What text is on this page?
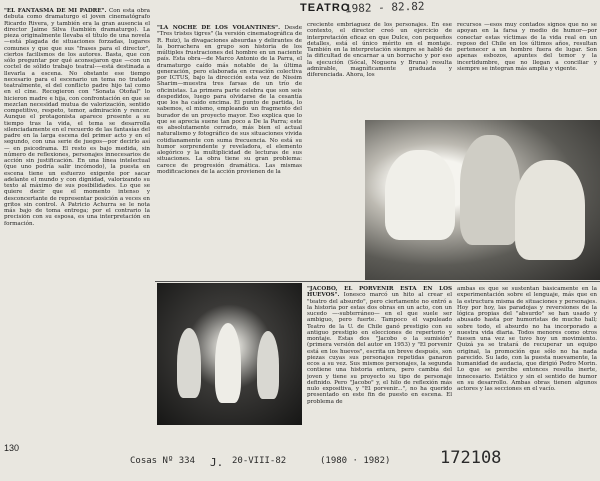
TEATRO
1982 - 82.82

"EL FANTASMA DE MI PADRE". Con esta obra debuta como dramaturgo el joven cinematógrafo Ricardo Rivera, y también era la gran ausencia el director Jaime Silva (también dramaturgo). La pieza originalmente llevaba el título de una novela —está plagada de situaciones forzadas, lugares comunes y que que sus "frases para el director", ciertos facilismos de los autores. Basta, que con sólo preguntar por qué aconsejaron que —con un coctel de sólido trabajo teatral-—está destinada a llevarla a escena. No obstante ese tiempo necesario para el escenario un tema no tratado teatralmente, el del conflicto padre hijo tal como en el cine. Recogieron con "Sonata Otoñal" lo hicieron madre e hija, con confrontación en que se mezclan necesidad mutua de valorización, sentido competitivo, respeto, temor, admiración y rencor. Aunque el protagonista aparece presente a su tiempo tras la vida, el tema se desarrolla silenciadamente en el recuerdo de las fantasías del padre en la larga escena del primer acto y en el segundo, con una serie de juegos—por decirlo así— en psicodrama. El resto es bajo medida, sin número de reflexiones, personajes innecesarios de acción sin justificación. En una línea intelectual (que uno podría salir incómodo), la puesta en escena tiene un esfuerzo exigente por sacar adelante el mundo y con dignidad, valorizando su texto al máximo de sus posibilidades. Lo que se quiere decir que el momento intenso y desconcertante de representar posición a veces en gritos sin control. A Patricio Achurra se le nota más bajo de toma entrega; por el contrario la precisión con su esposa, es una interpretación en formación.

"LA NOCHE DE LOS VOLANTINES". Desde "Tres tristes tigres" (la versión cinematográfica de R. Ruiz), la divagaciones absurdas y delirantes de la borrachera en grupo son historia de los múltiples frustraciones del hombre en un naciente país. Esta obra—de Marco Antonio de la Parra, el dramaturgo caído más notable de la última generación, pero elaborada en creación colectiva por ICTUS, bajo la dirección esta vez de Nissim Sharim—muestra tres farsas de un trío de oficinistas. La primera parte celebra que son seis despedidos, luego para olvidarse de la cesantía que los ha caído encima. El punto de partida, lo sabemos, el mismo, empleando un fragmento del burador de un proyecto mayor. Eso explica que lo que se aprecia suene tan poco a De la Parra; este es absolutamente cerrado, más bien el actual naturalismo y fotográfico de sus situaciones vivida cotidianamente con suma frecuencia. No está su humor sorprendente y reveladora, el elemento alegórico y la multiplicidad de lecturas de sus situaciones. La obra tiene su gran problema: carece de progresión dramática. Las mismas modificaciones de la acción provienen de la

creciente embriaguez de los personajes. En ese contexto, el director creó un ejercicio de interpretación eficaz en que Dulce, con pequeños detalles, está el único mérito en el montaje. También en la interpretación siempre se habló de la dificultad de encarnar a un borracho y por eso la ejecución (Sócal, Noguera y Bruna) resulta admirable, magníficamente graduada y diferenciada. Ahora, los

recursos —esos muy contados signos que no se apoyan en la farsa y medio de humor—por conectar estas víctimas de la vida real en un reposo del Chile en los últimos años, resultan pertenecer a un hombre fuera de lugar. Son apenas esbozos, apuntes del temor y la incertidumbre, que no llegan a conciliar y siempre se integran más amplia y vigente.

"JACOBO, EL PORVENIR ESTÁ EN LOS HUEVOS". Ionesco marcó un hito al crear el "teatro del absurdo", pero ciertamente no entró a la historia por estas dos obras en un acto, con un sucedo —-subterráneo— en el que suele ser ambiguo, pero fuerte. Tampoco el vapuleado Teatro de la U. de Chile ganó prestigio con su antiguo prestigio en elecciones de repertorio y montaje. Estas dos "Jacobo o la sumisión" (primera versión del autor en 1953) y "El porvenir está en los huevos", escrita un breve después, son piezas cuyas sus personajes repetidas ganaron ecos a su vez. Sus mismos personajes, la segunda contiene una historia entera, pero cambia del joven y tiene su proyecto su tipo de personaje definido. Pero "Jacobo" y, el hilo de reflexión más nulo expositiva, y "El porvenir...", no ha querido presentado en este fin de puesto en escena. El problema de

ambas es que se sustentan básicamente en la experimentación sobre el lenguaje, más que en la estructura misma de situaciones y personajes. Hoy por hoy, las paradojas y reversiones de la lógica propias del "absurdo" se han usado y abusado hasta por humoristas de mucho hall; sobre todo, el absurdo no ha incorporado a nuestra vida diaria. Todos menores como otros fuesen una vez se tuvo hoy un movimiento. Quizá ya se tratará de recuperar un equipo original, la promoción que sólo no ha nada parecido. Su lado, con la puesta nuevamente, la humanidad de audacia, que dirigió Pedro Morin. Lo que se percibe entonces resulta inerte, innecesario. Estático y sin el sentido de humor en su desarrollo. Ambas obras tienen algunos actores y las secciones en el vacío.

130
Cosas Nº 334 J. 20-VIII-82	(1980 · 1982)	172108
